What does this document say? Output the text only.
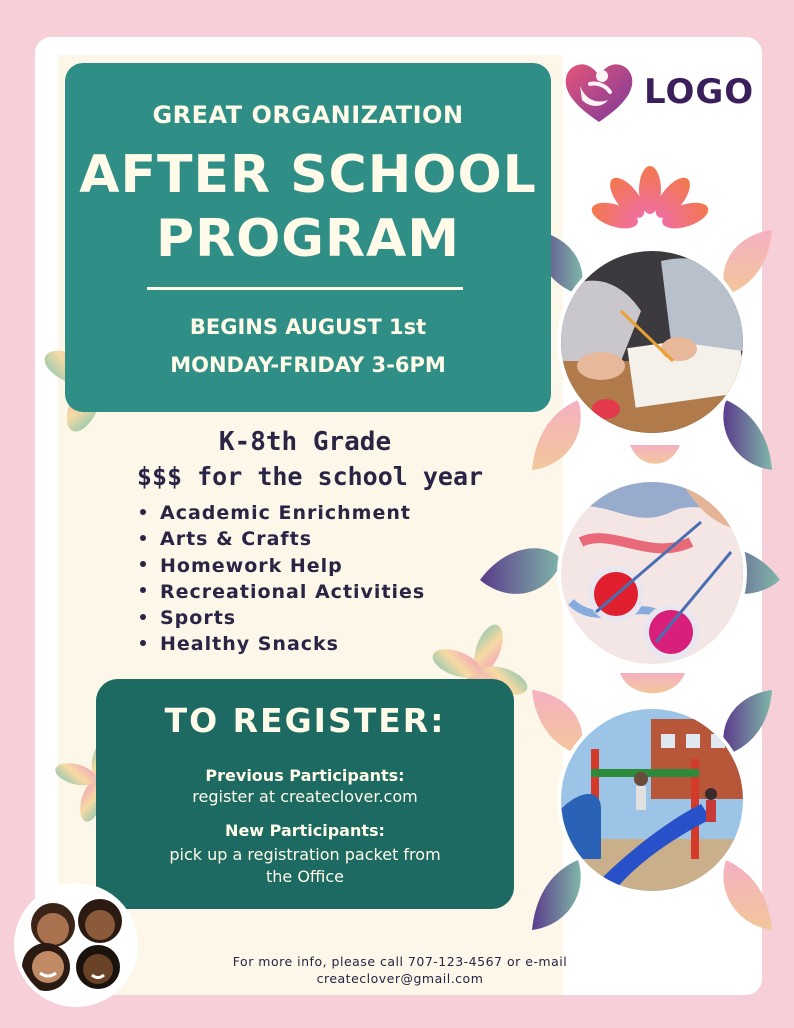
LOGO
GREAT ORGANIZATION
AFTER SCHOOL
PROGRAM
BEGINS AUGUST 1st
MONDAY-FRIDAY 3-6PM
K-8th Grade
$$$ for the school year
Academic Enrichment
Arts & Crafts
Homework Help
Recreational Activities
Sports
Healthy Snacks
TO REGISTER:
Previous Participants:
register at createclover.com
New Participants:
pick up a registration packet from
the Office
For more info, please call 707-123-4567 or e-mail
createclover@gmail.com
